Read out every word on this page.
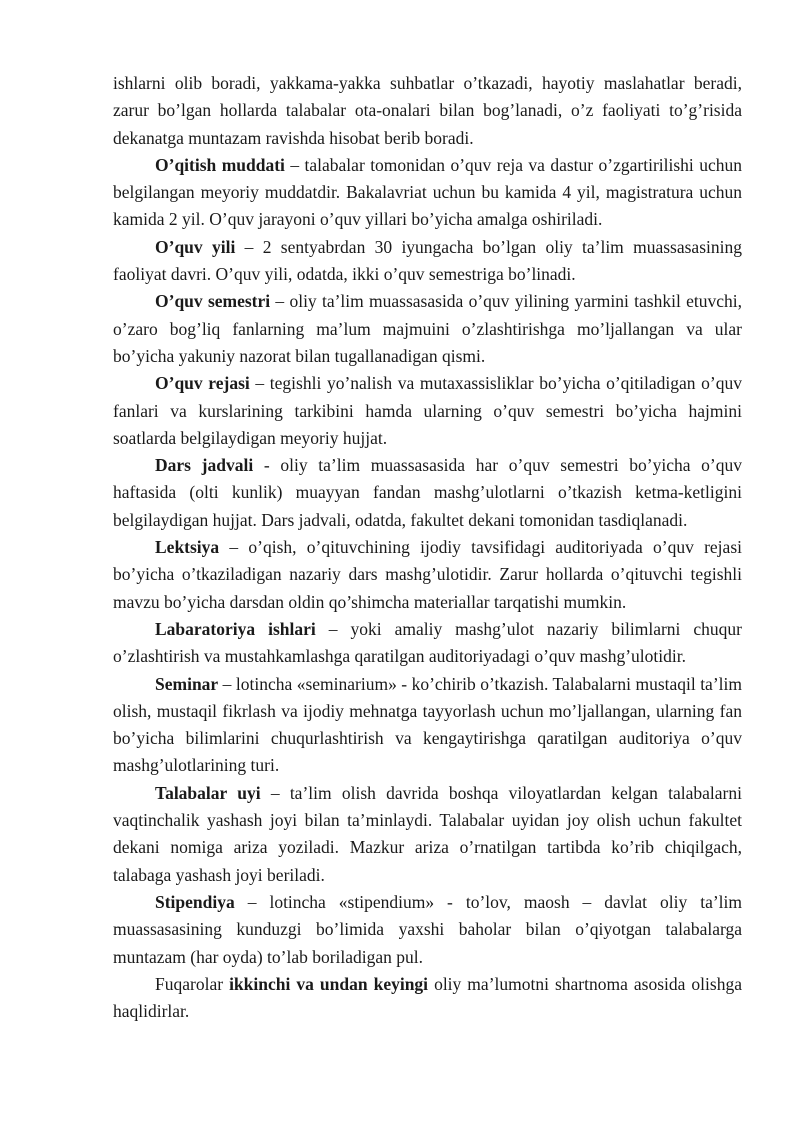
ishlarni olib boradi, yakkama-yakka suhbatlar o’tkazadi, hayotiy maslahatlar beradi, zarur bo’lgan hollarda talabalar ota-onalari bilan bog’lanadi, o’z faoliyati to’g’risida dekanatga muntazam ravishda hisobat berib boradi.

O’qitish muddati – talabalar tomonidan o’quv reja va dastur o’zgartirilishi uchun belgilangan meyoriy muddatdir. Bakalavriat uchun bu kamida 4 yil, magistratura uchun kamida 2 yil. O’quv jarayoni o’quv yillari bo’yicha amalga oshiriladi.

O’quv yili – 2 sentyabrdan 30 iyungacha bo’lgan oliy ta’lim muassasasining faoliyat davri. O’quv yili, odatda, ikki o’quv semestriga bo’linadi.

O’quv semestri – oliy ta’lim muassasasida o’quv yilining yarmini tashkil etuvchi, o’zaro bog’liq fanlarning ma’lum majmuini o’zlashtirishga mo’ljallangan va ular bo’yicha yakuniy nazorat bilan tugallanadigan qismi.

O’quv rejasi – tegishli yo’nalish va mutaxassisliklar bo’yicha o’qitiladigan o’quv fanlari va kurslarining tarkibini hamda ularning o’quv semestri bo’yicha hajmini soatlarda belgilaydigan meyoriy hujjat.

Dars jadvali - oliy ta’lim muassasasida har o’quv semestri bo’yicha o’quv haftasida (olti kunlik) muayyan fandan mashg’ulotlarni o’tkazish ketma-ketligini belgilaydigan hujjat. Dars jadvali, odatda, fakultet dekani tomonidan tasdiqlanadi.

Lektsiya – o’qish, o’qituvchining ijodiy tavsifidagi auditoriyada o’quv rejasi bo’yicha o’tkaziladigan nazariy dars mashg’ulotidir. Zarur hollarda o’qituvchi tegishli mavzu bo’yicha darsdan oldin qo’shimcha materiallar tarqatishi mumkin.

Labaratoriya ishlari – yoki amaliy mashg’ulot nazariy bilimlarni chuqur o’zlashtirish va mustahkamlashga qaratilgan auditoriyadagi o’quv mashg’ulotidir.

Seminar – lotincha «seminarium» - ko’chirib o’tkazish. Talabalarni mustaqil ta’lim olish, mustaqil fikrlash va ijodiy mehnatga tayyorlash uchun mo’ljallangan, ularning fan bo’yicha bilimlarini chuqurlashtirish va kengaytirishga qaratilgan auditoriya o’quv mashg’ulotlarining turi.

Talabalar uyi – ta’lim olish davrida boshqa viloyatlardan kelgan talabalarni vaqtinchalik yashash joyi bilan ta’minlaydi. Talabalar uyidan joy olish uchun fakultet dekani nomiga ariza yoziladi. Mazkur ariza o’rnatilgan tartibda ko’rib chiqilgach, talabaga yashash joyi beriladi.

Stipendiya – lotincha «stipendium» - to’lov, maosh – davlat oliy ta’lim muassasasining kunduzgi bo’limida yaxshi baholar bilan o’qiyotgan talabalarga muntazam (har oyda) to’lab boriladigan pul.

Fuqarolar ikkinchi va undan keyingi oliy ma’lumotni shartnoma asosida olishga haqlidirlar.
